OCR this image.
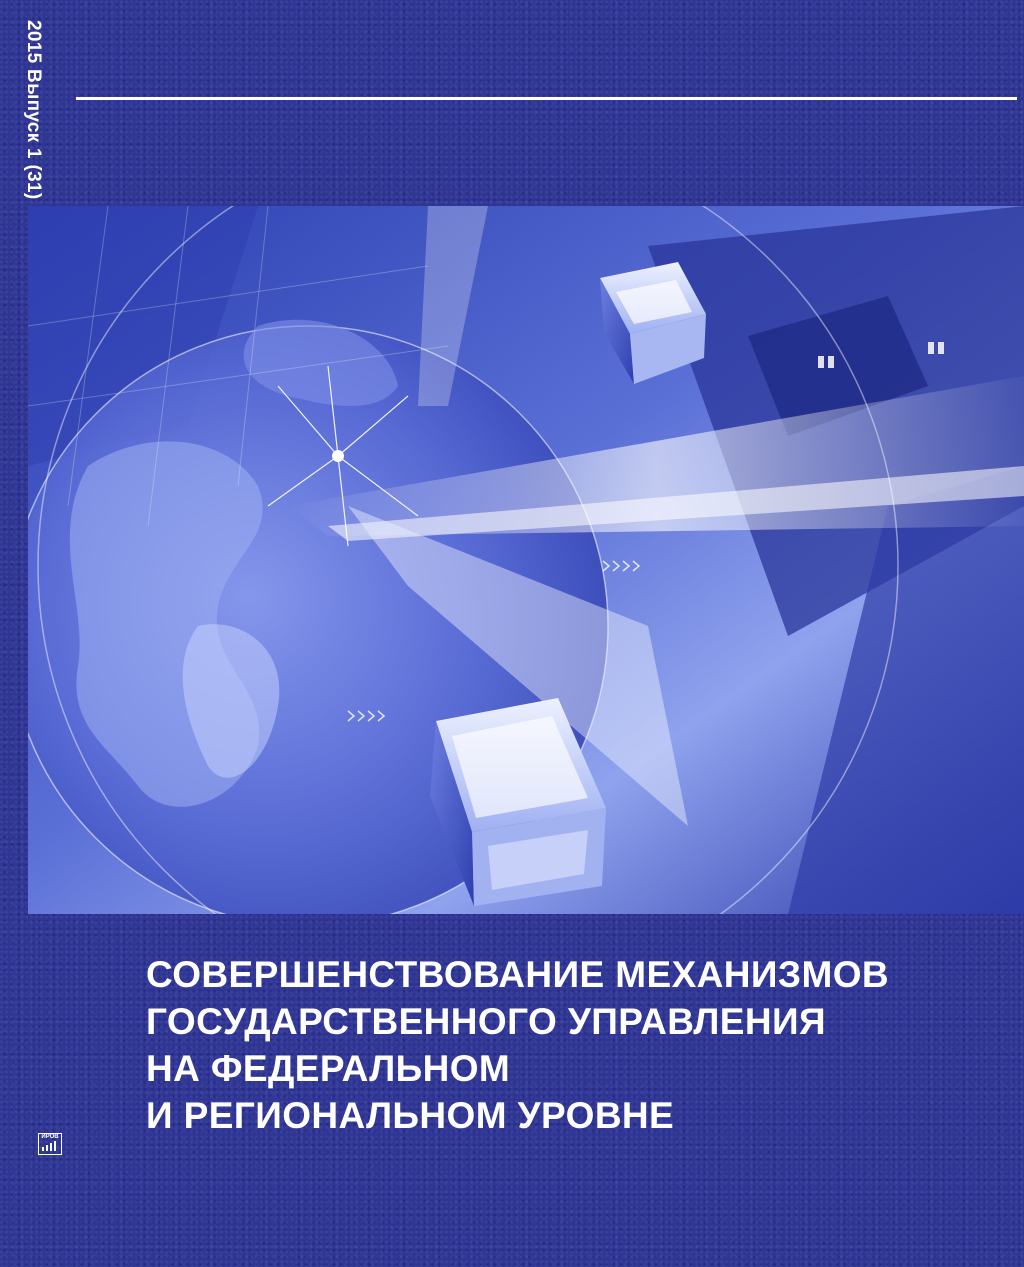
2015 Выпуск 1 (31)
СОВЕРШЕНСТВОВАНИЕ МЕХАНИЗМОВ
ГОСУДАРСТВЕННОГО УПРАВЛЕНИЯ
НА ФЕДЕРАЛЬНОМ
И РЕГИОНАЛЬНОМ УРОВНЕ
ИРОВ
